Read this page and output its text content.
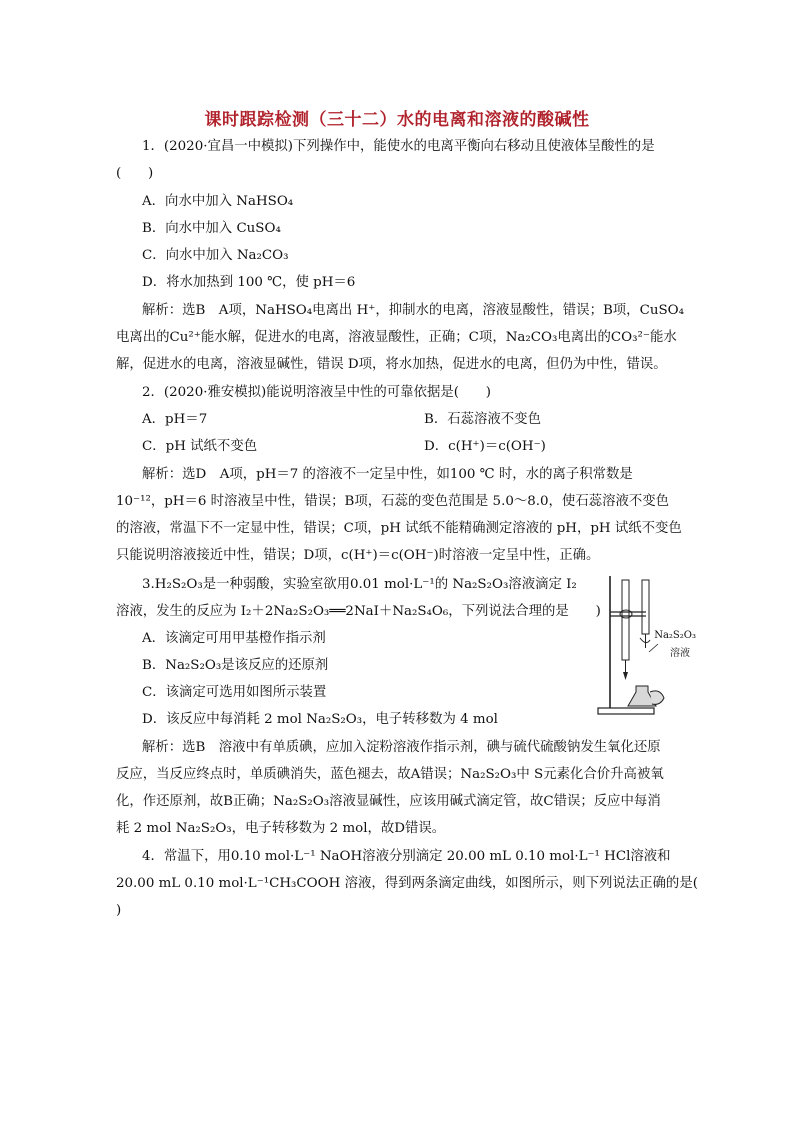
课时跟踪检测（三十二）水的电离和溶液的酸碱性
1．(2020·宜昌一中模拟)下列操作中，能使水的电离平衡向右移动且使液体呈酸性的是
(　　)
A．向水中加入 NaHSO₄
B．向水中加入 CuSO₄
C．向水中加入 Na₂CO₃
D．将水加热到 100 ℃，使 pH＝6
解析：选B　A项，NaHSO₄电离出 H⁺，抑制水的电离，溶液显酸性，错误；B项，CuSO₄
电离出的Cu²⁺能水解，促进水的电离，溶液显酸性，正确；C项，Na₂CO₃电离出的CO₃²⁻能水
解，促进水的电离，溶液显碱性，错误 D项，将水加热，促进水的电离，但仍为中性，错误。
2．(2020·雅安模拟)能说明溶液呈中性的可靠依据是(　　)
A．pH＝7	B．石蕊溶液不变色
C．pH 试纸不变色	D．c(H⁺)＝c(OH⁻)
解析：选D　A项，pH＝7 的溶液不一定呈中性，如100 ℃ 时，水的离子积常数是
10⁻¹²，pH＝6 时溶液呈中性，错误；B项，石蕊的变色范围是 5.0～8.0，使石蕊溶液不变色
的溶液，常温下不一定显中性，错误；C项，pH 试纸不能精确测定溶液的 pH，pH 试纸不变色
只能说明溶液接近中性，错误；D项，c(H⁺)＝c(OH⁻)时溶液一定呈中性，正确。
3.H₂S₂O₃是一种弱酸，实验室欲用0.01 mol·L⁻¹的 Na₂S₂O₃溶液滴定 I₂
溶液，发生的反应为 I₂＋2Na₂S₂O₃══2NaI＋Na₂S₄O₆，下列说法合理的是　　)
A．该滴定可用甲基橙作指示剂
B．Na₂S₂O₃是该反应的还原剂
C．该滴定可选用如图所示装置
D．该反应中每消耗 2 mol Na₂S₂O₃，电子转移数为 4 mol
Na₂S₂O₃
溶液
解析：选B　溶液中有单质碘，应加入淀粉溶液作指示剂，碘与硫代硫酸钠发生氧化还原
反应，当反应终点时，单质碘消失，蓝色褪去，故A错误；Na₂S₂O₃中 S元素化合价升高被氧
化，作还原剂，故B正确；Na₂S₂O₃溶液显碱性，应该用碱式滴定管，故C错误；反应中每消
耗 2 mol Na₂S₂O₃，电子转移数为 2 mol，故D错误。
4．常温下，用0.10 mol·L⁻¹ NaOH溶液分别滴定 20.00 mL 0.10 mol·L⁻¹ HCl溶液和
20.00 mL 0.10 mol·L⁻¹CH₃COOH 溶液，得到两条滴定曲线，如图所示，则下列说法正确的是(
)
